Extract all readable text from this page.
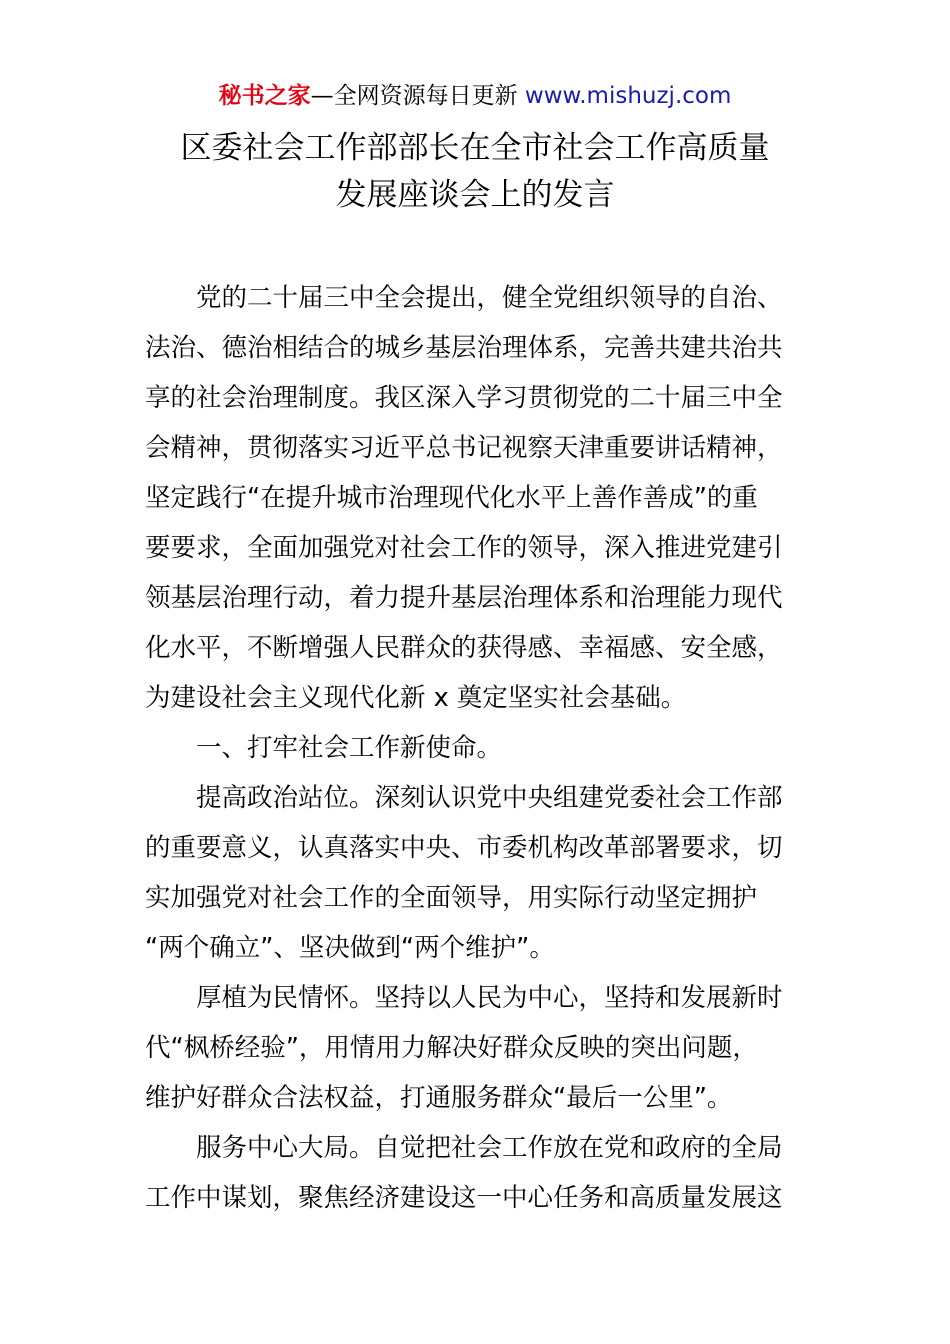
秘书之家—全网资源每日更新 www.mishuzj.com
区委社会工作部部长在全市社会工作高质量
发展座谈会上的发言

党的二十届三中全会提出，健全党组织领导的自治、
法治、德治相结合的城乡基层治理体系，完善共建共治共
享的社会治理制度。我区深入学习贯彻党的二十届三中全
会精神，贯彻落实习近平总书记视察天津重要讲话精神，
坚定践行“在提升城市治理现代化水平上善作善成”的重
要要求，全面加强党对社会工作的领导，深入推进党建引
领基层治理行动，着力提升基层治理体系和治理能力现代
化水平，不断增强人民群众的获得感、幸福感、安全感，
为建设社会主义现代化新 x 奠定坚实社会基础。

一、打牢社会工作新使命。

提高政治站位。深刻认识党中央组建党委社会工作部
的重要意义，认真落实中央、市委机构改革部署要求，切
实加强党对社会工作的全面领导，用实际行动坚定拥护
“两个确立”、坚决做到“两个维护”。

厚植为民情怀。坚持以人民为中心，坚持和发展新时
代“枫桥经验”，用情用力解决好群众反映的突出问题，
维护好群众合法权益，打通服务群众“最后一公里”。

服务中心大局。自觉把社会工作放在党和政府的全局
工作中谋划，聚焦经济建设这一中心任务和高质量发展这
